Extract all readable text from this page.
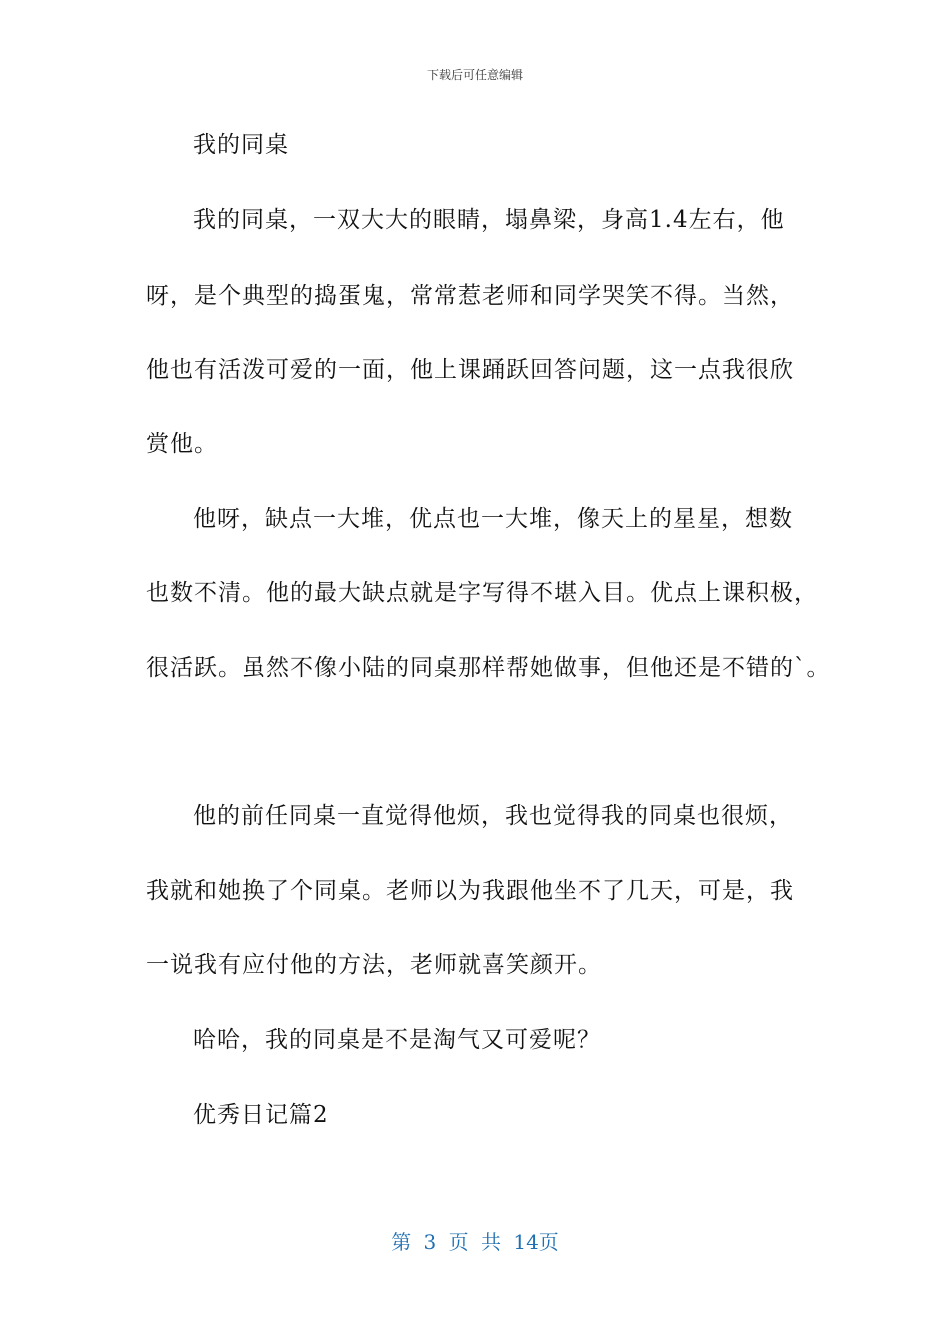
下载后可任意编辑
我的同桌
我的同桌，一双大大的眼睛，塌鼻梁，身高1.4左右，他
呀，是个典型的捣蛋鬼，常常惹老师和同学哭笑不得。当然，
他也有活泼可爱的一面，他上课踊跃回答问题，这一点我很欣
赏他。
他呀，缺点一大堆，优点也一大堆，像天上的星星，想数
也数不清。他的最大缺点就是字写得不堪入目。优点上课积极，
很活跃。虽然不像小陆的同桌那样帮她做事，但他还是不错的`。
他的前任同桌一直觉得他烦，我也觉得我的同桌也很烦，
我就和她换了个同桌。老师以为我跟他坐不了几天，可是，我
一说我有应付他的方法，老师就喜笑颜开。
哈哈，我的同桌是不是淘气又可爱呢？
优秀日记篇2
第 3 页 共 14页
